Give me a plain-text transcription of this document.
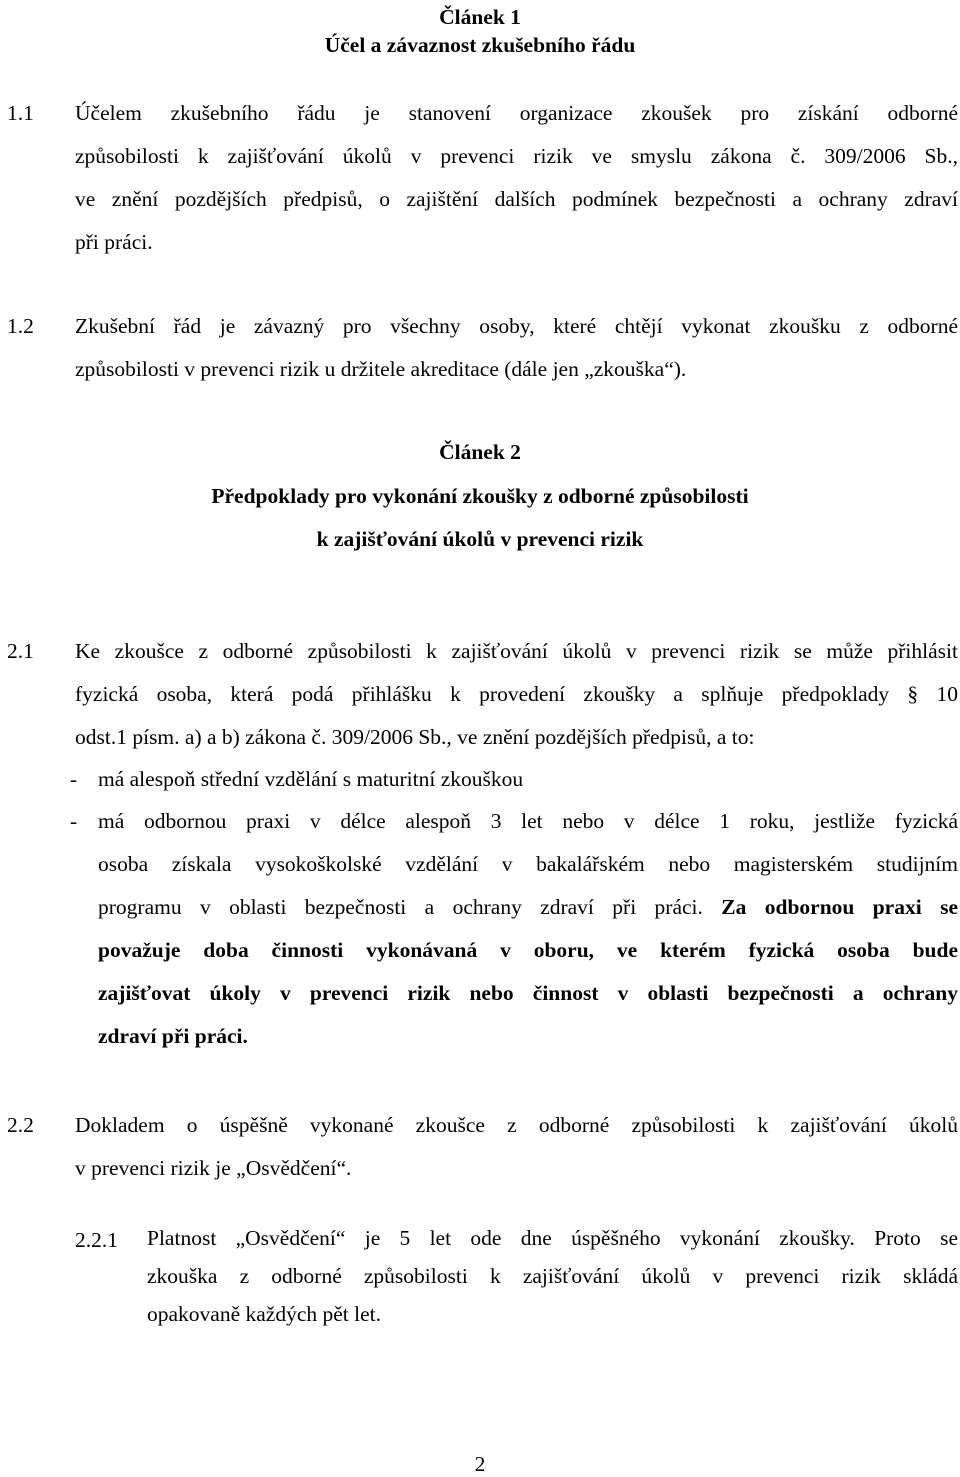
Článek 1
Účel a závaznost zkušebního řádu
1.1 Účelem zkušebního řádu je stanovení organizace zkoušek pro získání odborné
způsobilosti k zajišťování úkolů v prevenci rizik ve smyslu zákona č. 309/2006 Sb.,
ve znění pozdějších předpisů, o zajištění dalších podmínek bezpečnosti a ochrany zdraví
při práci.
1.2 Zkušební řád je závazný pro všechny osoby, které chtějí vykonat zkoušku z odborné
způsobilosti v prevenci rizik u držitele akreditace (dále jen „zkouška“).
Článek 2
Předpoklady pro vykonání zkoušky z odborné způsobilosti
k zajišťování úkolů v prevenci rizik
2.1 Ke zkoušce z odborné způsobilosti k zajišťování úkolů v prevenci rizik se může přihlásit
fyzická osoba, která podá přihlášku k provedení zkoušky a splňuje předpoklady § 10
odst.1 písm. a) a b) zákona č. 309/2006 Sb., ve znění pozdějších předpisů, a to:
- má alespoň střední vzdělání s maturitní zkouškou
- má odbornou praxi v délce alespoň 3 let nebo v délce 1 roku, jestliže fyzická
osoba získala vysokoškolské vzdělání v bakalářském nebo magisterském studijním
programu v oblasti bezpečnosti a ochrany zdraví při práci. Za odbornou praxi se
považuje doba činnosti vykonávaná v oboru, ve kterém fyzická osoba bude
zajišťovat úkoly v prevenci rizik nebo činnost v oblasti bezpečnosti a ochrany
zdraví při práci.
2.2 Dokladem o úspěšně vykonané zkoušce z odborné způsobilosti k zajišťování úkolů
v prevenci rizik je „Osvědčení“.
2.2.1 Platnost „Osvědčení“ je 5 let ode dne úspěšného vykonání zkoušky. Proto se
zkouška z odborné způsobilosti k zajišťování úkolů v prevenci rizik skládá
opakovaně každých pět let.
2
